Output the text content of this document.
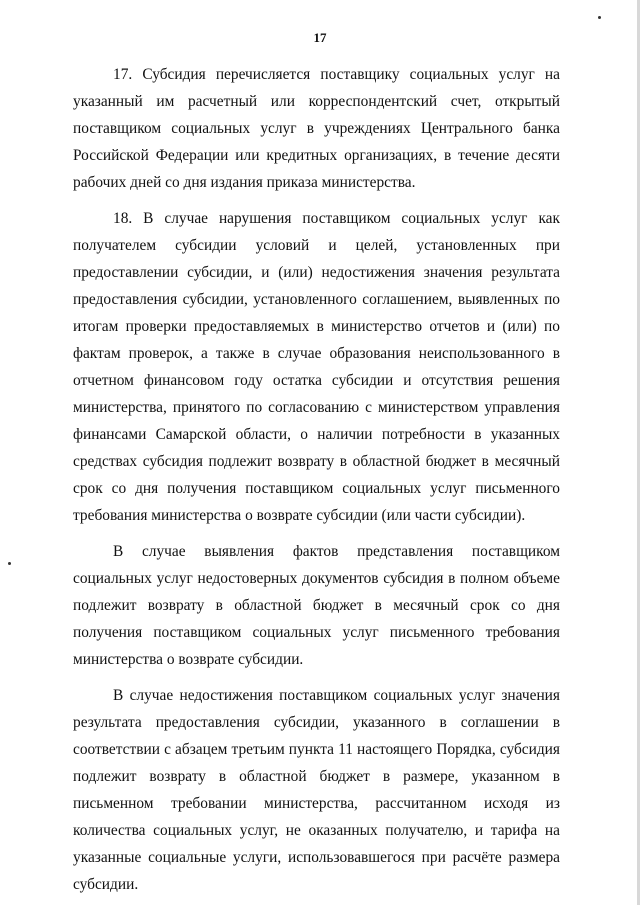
17

17. Субсидия перечисляется поставщику социальных услуг на указанный им расчетный или корреспондентский счет, открытый поставщиком социальных услуг в учреждениях Центрального банка Российской Федерации или кредитных организациях, в течение десяти рабочих дней со дня издания приказа министерства.

18. В случае нарушения поставщиком социальных услуг как получателем субсидии условий и целей, установленных при предоставлении субсидии, и (или) недостижения значения результата предоставления субсидии, установленного соглашением, выявленных по итогам проверки предоставляемых в министерство отчетов и (или) по фактам проверок, а также в случае образования неиспользованного в отчетном финансовом году остатка субсидии и отсутствия решения министерства, принятого по согласованию с министерством управления финансами Самарской области, о наличии потребности в указанных средствах субсидия подлежит возврату в областной бюджет в месячный срок со дня получения поставщиком социальных услуг письменного требования министерства о возврате субсидии (или части субсидии).

В случае выявления фактов представления поставщиком социальных услуг недостоверных документов субсидия в полном объеме подлежит возврату в областной бюджет в месячный срок со дня получения поставщиком социальных услуг письменного требования министерства о возврате субсидии.

В случае недостижения поставщиком социальных услуг значения результата предоставления субсидии, указанного в соглашении в соответствии с абзацем третьим пункта 11 настоящего Порядка, субсидия подлежит возврату в областной бюджет в размере, указанном в письменном требовании министерства, рассчитанном исходя из количества социальных услуг, не оказанных получателю, и тарифа на указанные социальные услуги, использовавшегося при расчёте размера субсидии.
